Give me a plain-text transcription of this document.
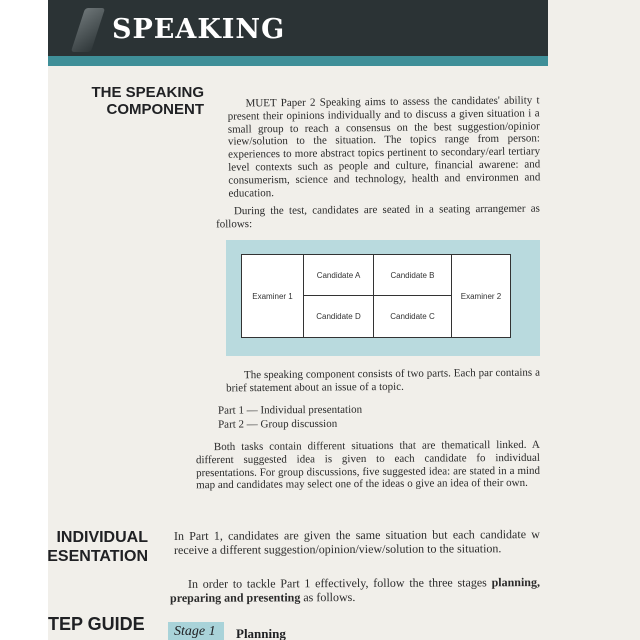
SPEAKING
THE SPEAKING COMPONENT	MUET Paper 2 Speaking aims to assess the candidates' ability t present their opinions individually and to discuss a given situation i a small group to reach a consensus on the best suggestion/opinior view/solution to the situation. The topics range from person: experiences to more abstract topics pertinent to secondary/earl tertiary level contexts such as people and culture, financial awarene: and consumerism, science and technology, health and environmen and education.
During the test, candidates are seated in a seating arrangemer as follows:
Examiner 1
Candidate A	Candidate B
Candidate D	Candidate C
Examiner 2
The speaking component consists of two parts. Each par contains a brief statement about an issue of a topic.
Part 1 — Individual presentation
Part 2 — Group discussion
Both tasks contain different situations that are thematicall linked. A different suggested idea is given to each candidate fo individual presentations. For group discussions, five suggested idea: are stated in a mind map and candidates may select one of the ideas o give an idea of their own.
INDIVIDUAL
ESENTATION
In Part 1, candidates are given the same situation but each candidate w receive a different suggestion/opinion/view/solution to the situation.
In order to tackle Part 1 effectively, follow the three stages planning, preparing and presenting as follows.
TEP GUIDE Stage 1 Planning
